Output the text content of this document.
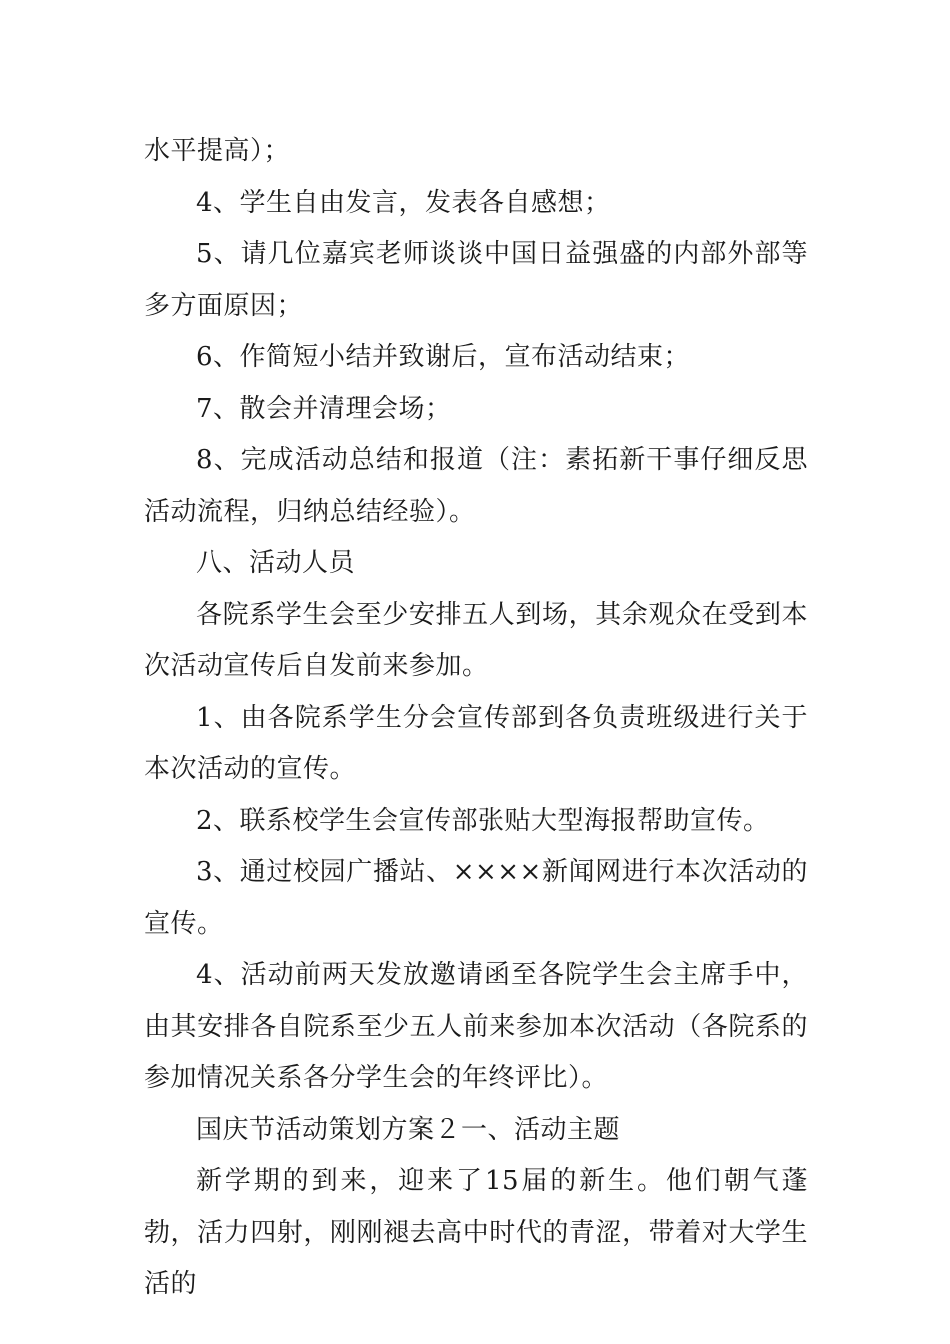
水平提高）；

4、学生自由发言，发表各自感想；

5、请几位嘉宾老师谈谈中国日益强盛的内部外部等多方面原因；

6、作简短小结并致谢后，宣布活动结束；

7、散会并清理会场；

8、完成活动总结和报道（注：素拓新干事仔细反思活动流程，归纳总结经验）。

八、活动人员

各院系学生会至少安排五人到场，其余观众在受到本次活动宣传后自发前来参加。

1、由各院系学生分会宣传部到各负责班级进行关于本次活动的宣传。

2、联系校学生会宣传部张贴大型海报帮助宣传。

3、通过校园广播站、××××新闻网进行本次活动的宣传。

4、活动前两天发放邀请函至各院学生会主席手中，由其安排各自院系至少五人前来参加本次活动（各院系的参加情况关系各分学生会的年终评比）。

国庆节活动策划方案２一、活动主题

新学期的到来，迎来了15届的新生。他们朝气蓬勃，活力四射，刚刚褪去高中时代的青涩，带着对大学生活的
